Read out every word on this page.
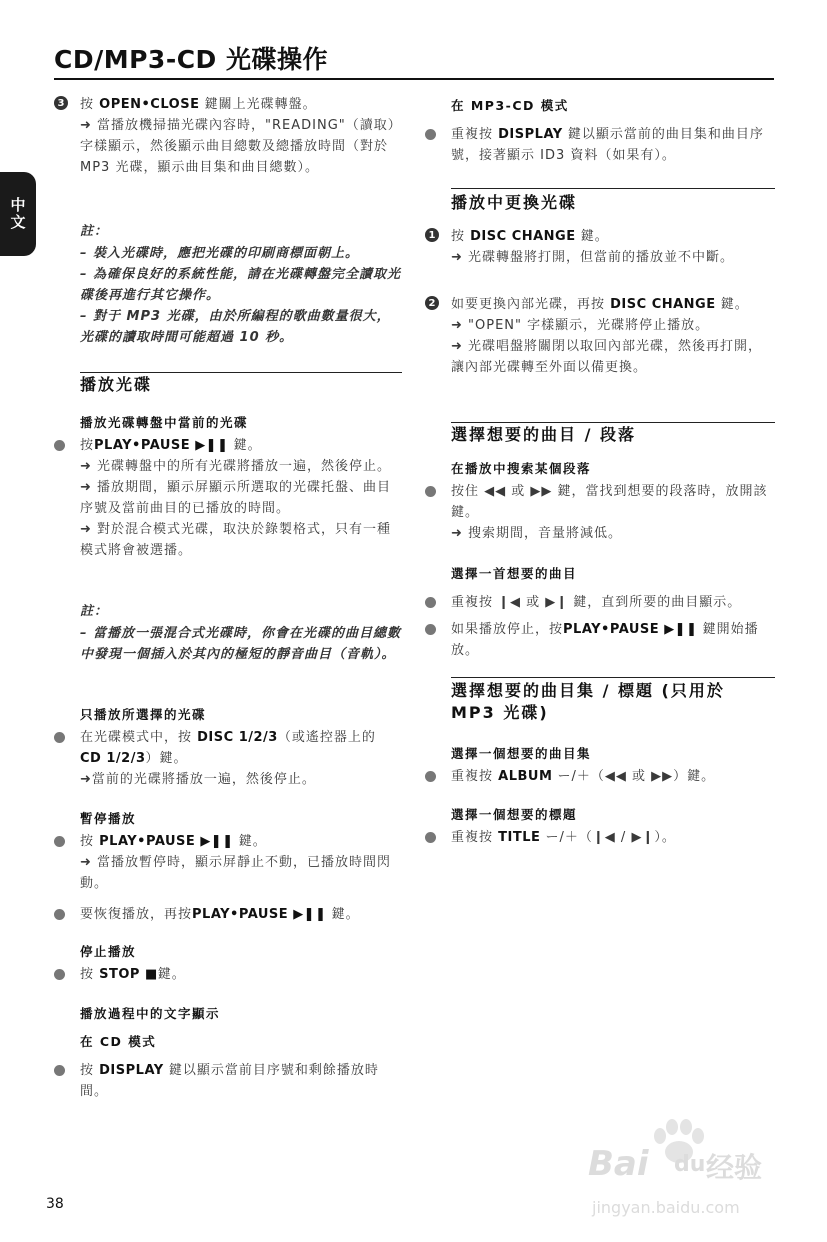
CD/MP3-CD 光碟操作
中文
3	按 OPEN•CLOSE 鍵關上光碟轉盤。
➜ 當播放機掃描光碟內容時，"READING"（讀取）字樣顯示，然後顯示曲目總數及總播放時間（對於 MP3 光碟，顯示曲目集和曲目總數）。
註：
– 裝入光碟時，應把光碟的印刷商標面朝上。
– 為確保良好的系統性能，請在光碟轉盤完全讀取光碟後再進行其它操作。
– 對于 MP3 光碟，由於所編程的歌曲數量很大，光碟的讀取時間可能超過 10 秒。
播放光碟
播放光碟轉盤中當前的光碟
按PLAY•PAUSE ▶❚❚ 鍵。
➜ 光碟轉盤中的所有光碟將播放一遍，然後停止。
➜ 播放期間，顯示屏顯示所選取的光碟托盤、曲目序號及當前曲目的已播放的時間。
➜ 對於混合模式光碟，取決於錄製格式，只有一種模式將會被選播。
註：
– 當播放一張混合式光碟時，你會在光碟的曲目總數中發現一個插入於其內的極短的靜音曲目（音軌）。
只播放所選擇的光碟
在光碟模式中，按 DISC 1/2/3（或遙控器上的 CD 1/2/3）鍵。
➜當前的光碟將播放一遍，然後停止。
暫停播放
按 PLAY•PAUSE ▶❚❚ 鍵。
➜ 當播放暫停時，顯示屏靜止不動，已播放時間閃動。
要恢復播放，再按PLAY•PAUSE ▶❚❚ 鍵。
停止播放
按 STOP ■鍵。
播放過程中的文字顯示
在 CD 模式
按 DISPLAY 鍵以顯示當前目序號和剩餘播放時間。
在 MP3-CD 模式
重複按 DISPLAY 鍵以顯示當前的曲目集和曲目序號，接著顯示 ID3 資料（如果有）。
播放中更換光碟
1	按 DISC CHANGE 鍵。
➜ 光碟轉盤將打開，但當前的播放並不中斷。
2	如要更換內部光碟，再按 DISC CHANGE 鍵。
➜ "OPEN" 字樣顯示，光碟將停止播放。
➜ 光碟唱盤將關閉以取回內部光碟，然後再打開，讓內部光碟轉至外面以備更換。
選擇想要的曲目 / 段落
在播放中搜索某個段落
按住 ◀◀ 或 ▶▶ 鍵，當找到想要的段落時，放開該鍵。
➜ 搜索期間，音量將減低。
選擇一首想要的曲目
重複按 ❙◀ 或 ▶❙ 鍵，直到所要的曲目顯示。
如果播放停止，按PLAY•PAUSE ▶❚❚ 鍵開始播放。
選擇想要的曲目集 / 標題 (只用於 MP3 光碟)
選擇一個想要的曲目集
重複按 ALBUM ー/＋（◀◀ 或 ▶▶）鍵。
選擇一個想要的標題
重複按 TITLE ー/＋（❙◀ / ▶❙）。
38
Bai du 经验
jingyan.baidu.com
